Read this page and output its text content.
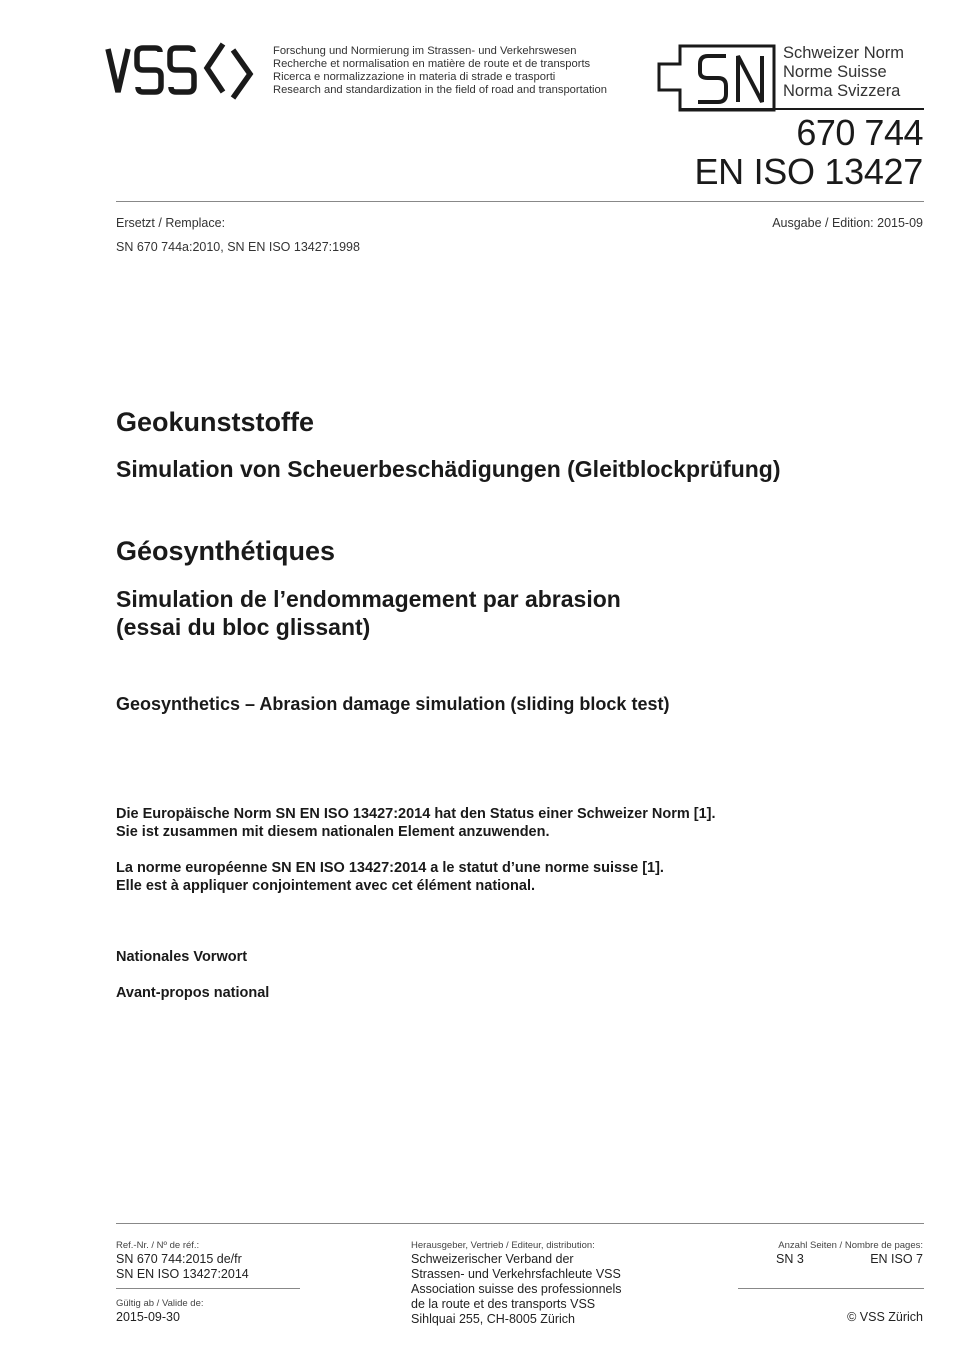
Forschung und Normierung im Strassen- und Verkehrswesen
Recherche et normalisation en matière de route et de transports
Ricerca e normalizzazione in materia di strade e trasporti
Research and standardization in the field of road and transportation
Schweizer Norm
Norme Suisse
Norma Svizzera
670 744
EN ISO 13427
Ersetzt / Remplace:
SN 670 744a:2010, SN EN ISO 13427:1998
Ausgabe / Edition: 2015-09
Geokunststoffe
Simulation von Scheuerbeschädigungen (Gleitblockprüfung)
Géosynthétiques
Simulation de l’endommagement par abrasion
(essai du bloc glissant)
Geosynthetics – Abrasion damage simulation (sliding block test)
Die Europäische Norm SN EN ISO 13427:2014 hat den Status einer Schweizer Norm [1].
Sie ist zusammen mit diesem nationalen Element anzuwenden.
La norme européenne SN EN ISO 13427:2014 a le statut d’une norme suisse [1].
Elle est à appliquer conjointement avec cet élément national.
Nationales Vorwort
Avant-propos national
Ref.-Nr. / Nº de réf.:
SN 670 744:2015 de/fr
SN EN ISO 13427:2014
Gültig ab / Valide de:
2015-09-30
Herausgeber, Vertrieb / Editeur, distribution:
Schweizerischer Verband der
Strassen- und Verkehrsfachleute VSS
Association suisse des professionnels
de la route et des transports VSS
Sihlquai 255, CH-8005 Zürich
Anzahl Seiten / Nombre de pages:
SN 3	EN ISO 7
© VSS Zürich
